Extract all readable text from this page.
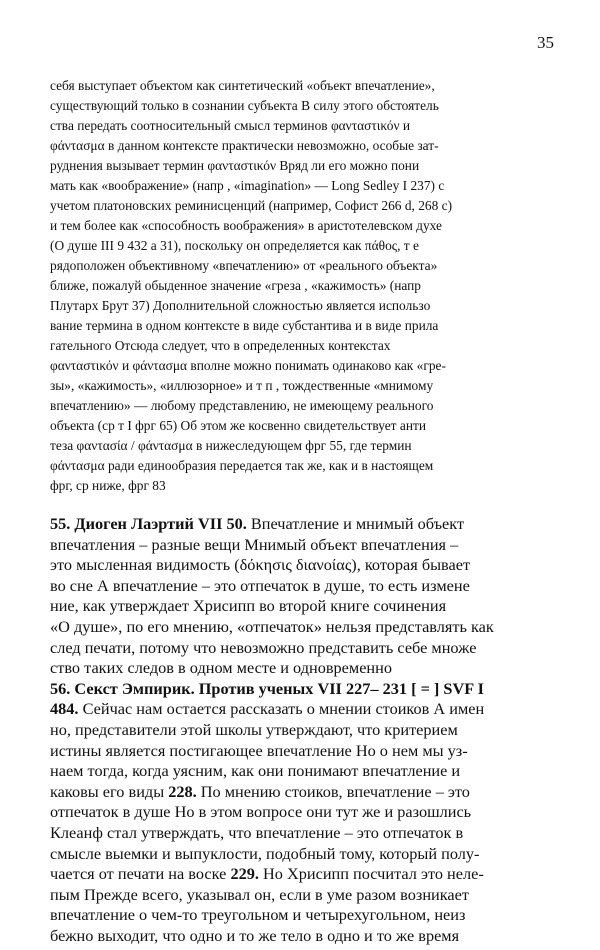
35
себя выступает объектом как синтетический «объект впечатление»,
существующий только в сознании субъекта В силу этого обстоятель
ства передать соотносительный смысл терминов φανταστικόν и
φάντασμα в данном контексте практически невозможно, особые зат-
руднения вызывает термин φανταστικόν Вряд ли его можно пони
мать как «воображение» (напр , «imagination» — Long Sedley I 237) с
учетом платоновских реминисценций (например, Софист 266 d, 268 с)
и тем более как «способность воображения» в аристотелевском духе
(О душе III 9 432 а 31), поскольку он определяется как πάθος, т е
рядоположен объективному «впечатлению» от «реального объекта»
ближе, пожалуй обыденное значение «греза , «кажимость» (напр
Плутарх Брут 37) Дополнительной сложностью является использо
вание термина в одном контексте в виде субстантива и в виде прила
гательного Отсюда следует, что в определенных контекстах
φανταστικόν и φάντασμα вполне можно понимать одинаково как «гре-
зы», «кажимость», «иллюзорное» и т п , тождественные «мнимому
впечатлению» — любому представлению, не имеющему реального
объекта (ср т I фрг 65) Об этом же косвенно свидетельствует анти
теза φαντασία / φάντασμα в нижеследующем фрг 55, где термин
φάντασμα ради единообразия передается так же, как и в настоящем
фрг, ср ниже, фрг 83
55. Диоген Лаэртий VII 50. Впечатление и мнимый объект
впечатления – разные вещи Мнимый объект впечатления –
это мысленная видимость (δόκησις διανοίας), которая бывает
во сне А впечатление – это отпечаток в душе, то есть измене
ние, как утверждает Хрисипп во второй книге сочинения
«О душе», по его мнению, «отпечаток» нельзя представлять как
след печати, потому что невозможно представить себе множе
ство таких следов в одном месте и одновременно
56. Секст Эмпирик. Против ученых VII 227– 231 [ = ] SVF I
484. Сейчас нам остается рассказать о мнении стоиков А имен
но, представители этой школы утверждают, что критерием
истины является постигающее впечатление Но о нем мы уз-
наем тогда, когда уясним, как они понимают впечатление и
каковы его виды 228. По мнению стоиков, впечатление – это
отпечаток в душе Но в этом вопросе они тут же и разошлись
Клеанф стал утверждать, что впечатление – это отпечаток в
смысле выемки и выпуклости, подобный тому, который полу-
чается от печати на воске 229. Но Хрисипп посчитал это неле-
пым Прежде всего, указывал он, если в уме разом возникает
впечатление о чем-то треугольном и четырехугольном, неиз
бежно выходит, что одно и то же тело в одно и то же время
